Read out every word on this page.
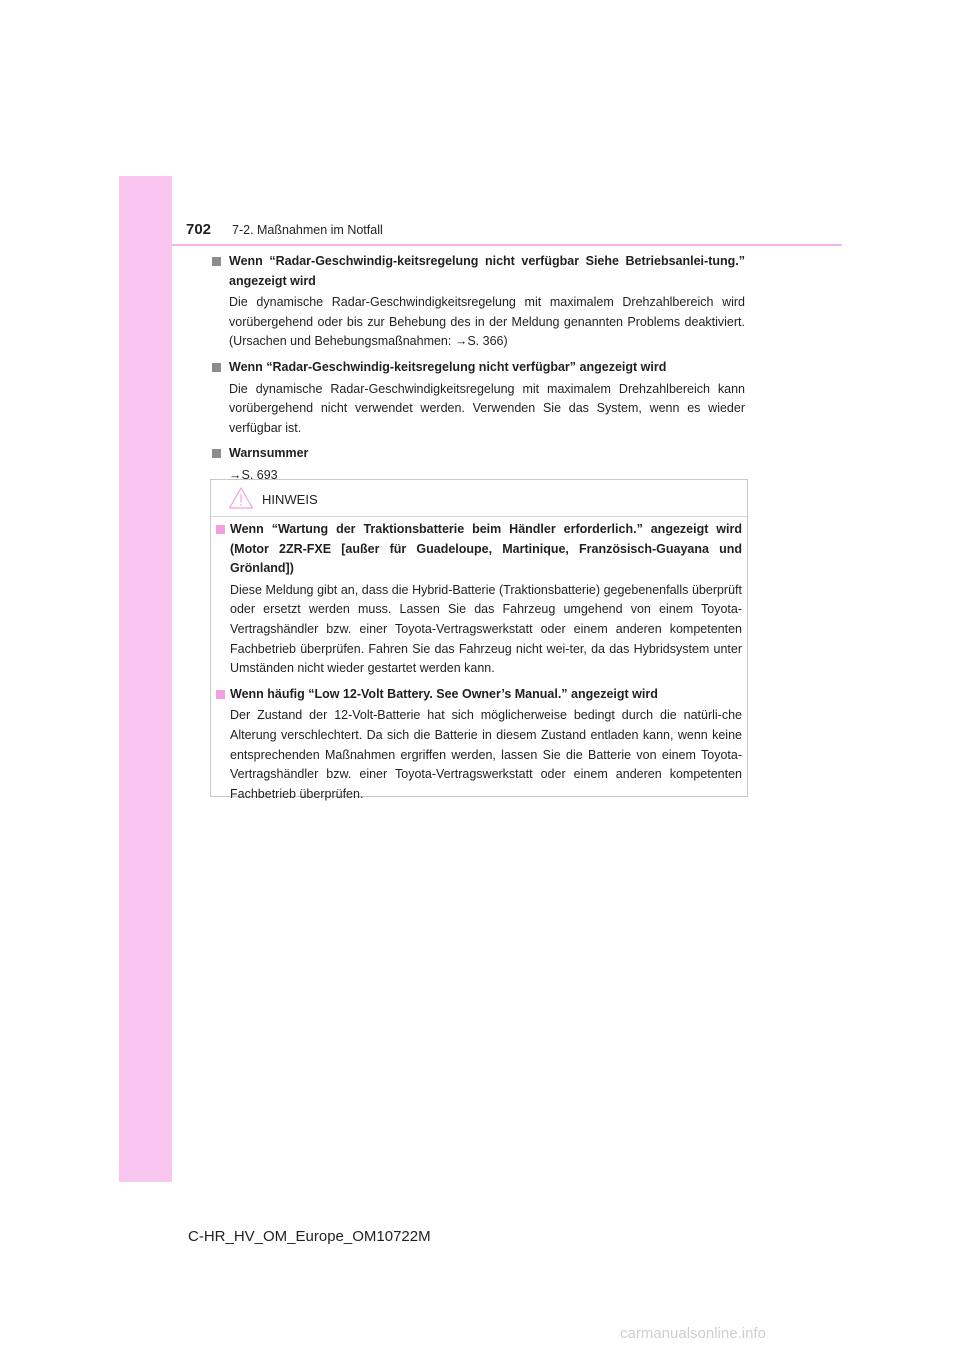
702 7-2. Maßnahmen im Notfall
Wenn “Radar-Geschwindig-keitsregelung nicht verfügbar Siehe Betriebsanlei-tung.” angezeigt wird
Die dynamische Radar-Geschwindigkeitsregelung mit maximalem Drehzahlbereich wird vorübergehend oder bis zur Behebung des in der Meldung genannten Problems deaktiviert. (Ursachen und Behebungsmaßnahmen: →S. 366)
Wenn “Radar-Geschwindig-keitsregelung nicht verfügbar” angezeigt wird
Die dynamische Radar-Geschwindigkeitsregelung mit maximalem Drehzahlbereich kann vorübergehend nicht verwendet werden. Verwenden Sie das System, wenn es wieder verfügbar ist.
Warnsummer
→S. 693
HINWEIS
Wenn “Wartung der Traktionsbatterie beim Händler erforderlich.” angezeigt wird (Motor 2ZR-FXE [außer für Guadeloupe, Martinique, Französisch-Guayana und Grönland])
Diese Meldung gibt an, dass die Hybrid-Batterie (Traktionsbatterie) gegebenenfalls überprüft oder ersetzt werden muss. Lassen Sie das Fahrzeug umgehend von einem Toyota-Vertragshändler bzw. einer Toyota-Vertragswerkstatt oder einem anderen kompetenten Fachbetrieb überprüfen. Fahren Sie das Fahrzeug nicht wei-ter, da das Hybridsystem unter Umständen nicht wieder gestartet werden kann.
Wenn häufig “Low 12-Volt Battery. See Owner’s Manual.” angezeigt wird
Der Zustand der 12-Volt-Batterie hat sich möglicherweise bedingt durch die natürli-che Alterung verschlechtert. Da sich die Batterie in diesem Zustand entladen kann, wenn keine entsprechenden Maßnahmen ergriffen werden, lassen Sie die Batterie von einem Toyota-Vertragshändler bzw. einer Toyota-Vertragswerkstatt oder einem anderen kompetenten Fachbetrieb überprüfen.
C-HR_HV_OM_Europe_OM10722M
carmanualsonline.info
